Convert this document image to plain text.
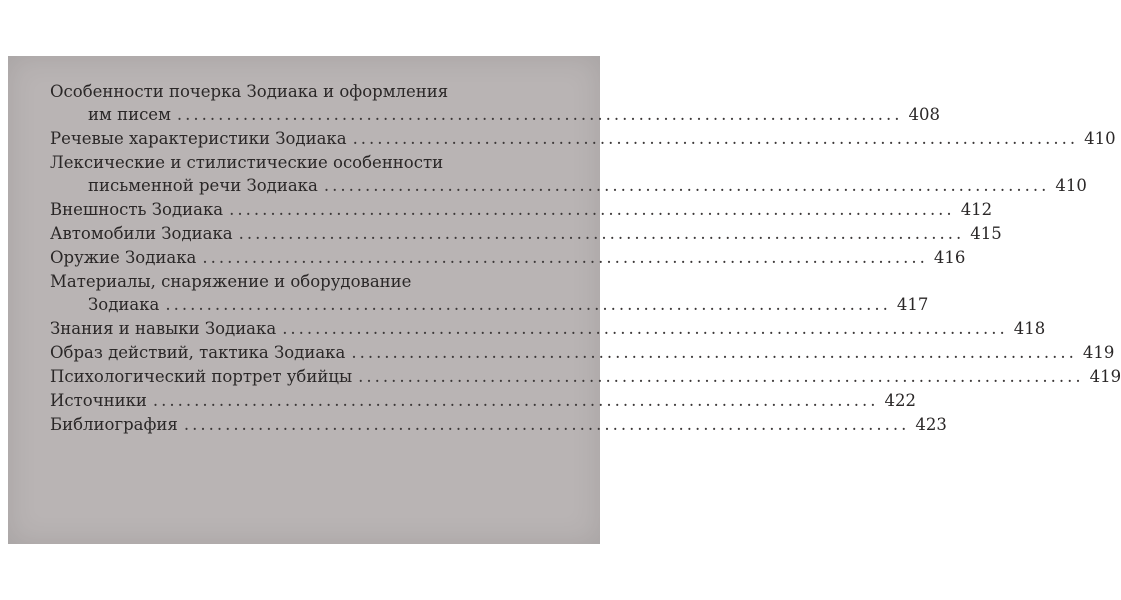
Особенности почерка Зодиака и оформления
им писем ........................................................................................ 408
Речевые характеристики Зодиака ........................................................................................ 410
Лексические и стилистические особенности
письменной речи Зодиака ........................................................................................ 410
Внешность Зодиака ........................................................................................ 412
Автомобили Зодиака ........................................................................................ 415
Оружие Зодиака ........................................................................................ 416
Материалы, снаряжение и оборудование
Зодиака ........................................................................................ 417
Знания и навыки Зодиака ........................................................................................ 418
Образ действий, тактика Зодиака ........................................................................................ 419
Психологический портрет убийцы ........................................................................................ 419
Источники ........................................................................................ 422
Библиография ........................................................................................ 423
